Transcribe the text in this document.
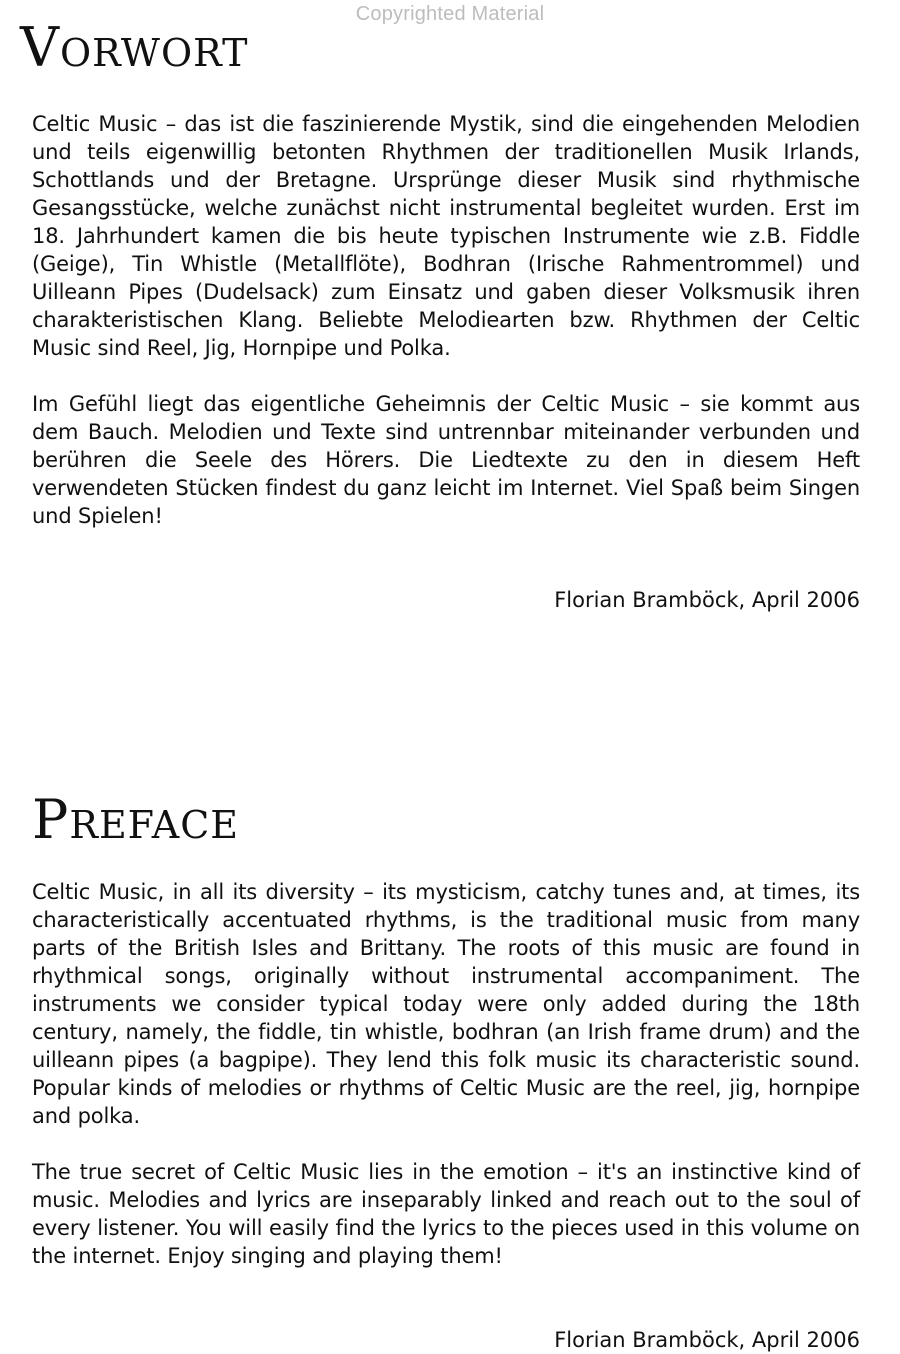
Copyrighted Material
Vorwort

Celtic Music – das ist die faszinierende Mystik, sind die eingehenden Melodien und teils eigenwillig betonten Rhythmen der traditionellen Musik Irlands, Schottlands und der Bretagne. Ursprünge dieser Musik sind rhythmische Gesangsstücke, welche zunächst nicht instrumental begleitet wurden. Erst im 18. Jahrhundert kamen die bis heute typischen Instrumente wie z.B. Fiddle (Geige), Tin Whistle (Metallflöte), Bodhran (Irische Rahmentrommel) und Uilleann Pipes (Dudelsack) zum Einsatz und gaben dieser Volksmusik ihren charakteristischen Klang. Beliebte Melodiearten bzw. Rhythmen der Celtic Music sind Reel, Jig, Hornpipe und Polka.

Im Gefühl liegt das eigentliche Geheimnis der Celtic Music – sie kommt aus dem Bauch. Melodien und Texte sind untrennbar miteinander verbunden und berühren die Seele des Hörers. Die Liedtexte zu den in diesem Heft verwendeten Stücken findest du ganz leicht im Internet. Viel Spaß beim Singen und Spielen!

Florian Bramböck, April 2006

Preface

Celtic Music, in all its diversity – its mysticism, catchy tunes and, at times, its characteristically accentuated rhythms, is the traditional music from many parts of the British Isles and Brittany. The roots of this music are found in rhythmical songs, originally without instrumental accompaniment. The instruments we consider typical today were only added during the 18th century, namely, the fiddle, tin whistle, bodhran (an Irish frame drum) and the uilleann pipes (a bagpipe). They lend this folk music its characteristic sound. Popular kinds of melodies or rhythms of Celtic Music are the reel, jig, hornpipe and polka.

The true secret of Celtic Music lies in the emotion – it's an instinctive kind of music. Melodies and lyrics are inseparably linked and reach out to the soul of every listener. You will easily find the lyrics to the pieces used in this volume on the internet. Enjoy singing and playing them!

Florian Bramböck, April 2006
